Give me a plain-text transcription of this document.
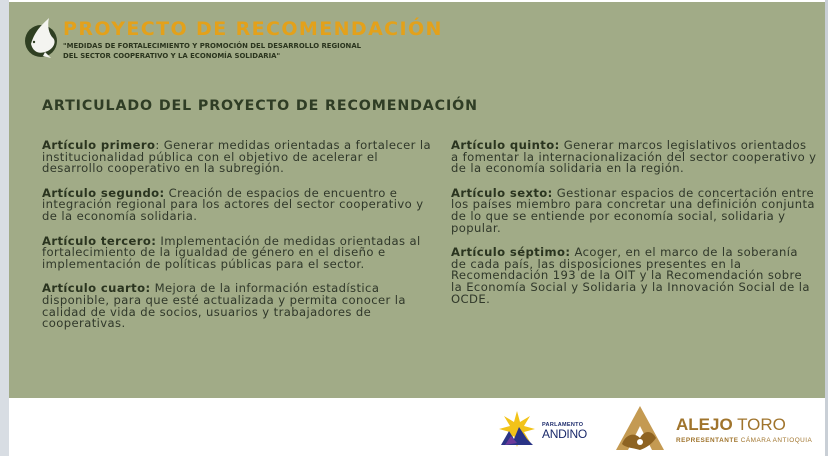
PROYECTO DE RECOMENDACIÓN
"MEDIDAS DE FORTALECIMIENTO Y PROMOCIÓN DEL DESARROLLO REGIONAL
DEL SECTOR COOPERATIVO Y LA ECONOMÍA SOLIDARIA"
ARTICULADO DEL PROYECTO DE RECOMENDACIÓN
Artículo primero: Generar medidas orientadas a fortalecer la institucionalidad pública con el objetivo de acelerar el desarrollo cooperativo en la subregión.
Artículo segundo: Creación de espacios de encuentro e integración regional para los actores del sector cooperativo y de la economía solidaria.
Artículo tercero: Implementación de medidas orientadas al fortalecimiento de la igualdad de género en el diseño e implementación de políticas públicas para el sector.
Artículo cuarto: Mejora de la información estadística disponible, para que esté actualizada y permita conocer la calidad de vida de socios, usuarios y trabajadores de cooperativas.
Artículo quinto: Generar marcos legislativos orientados a fomentar la internacionalización del sector cooperativo y de la economía solidaria en la región.
Artículo sexto: Gestionar espacios de concertación entre los países miembro para concretar una definición conjunta de lo que se entiende por economía social, solidaria y popular.
Artículo séptimo: Acoger, en el marco de la soberanía de cada país, las disposiciones presentes en la Recomendación 193 de la OIT y la Recomendación sobre la Economía Social y Solidaria y la Innovación Social de la OCDE.
PARLAMENTO
ANDINO	ALEJO TORO
REPRESENTANTE CÁMARA ANTIOQUIA
